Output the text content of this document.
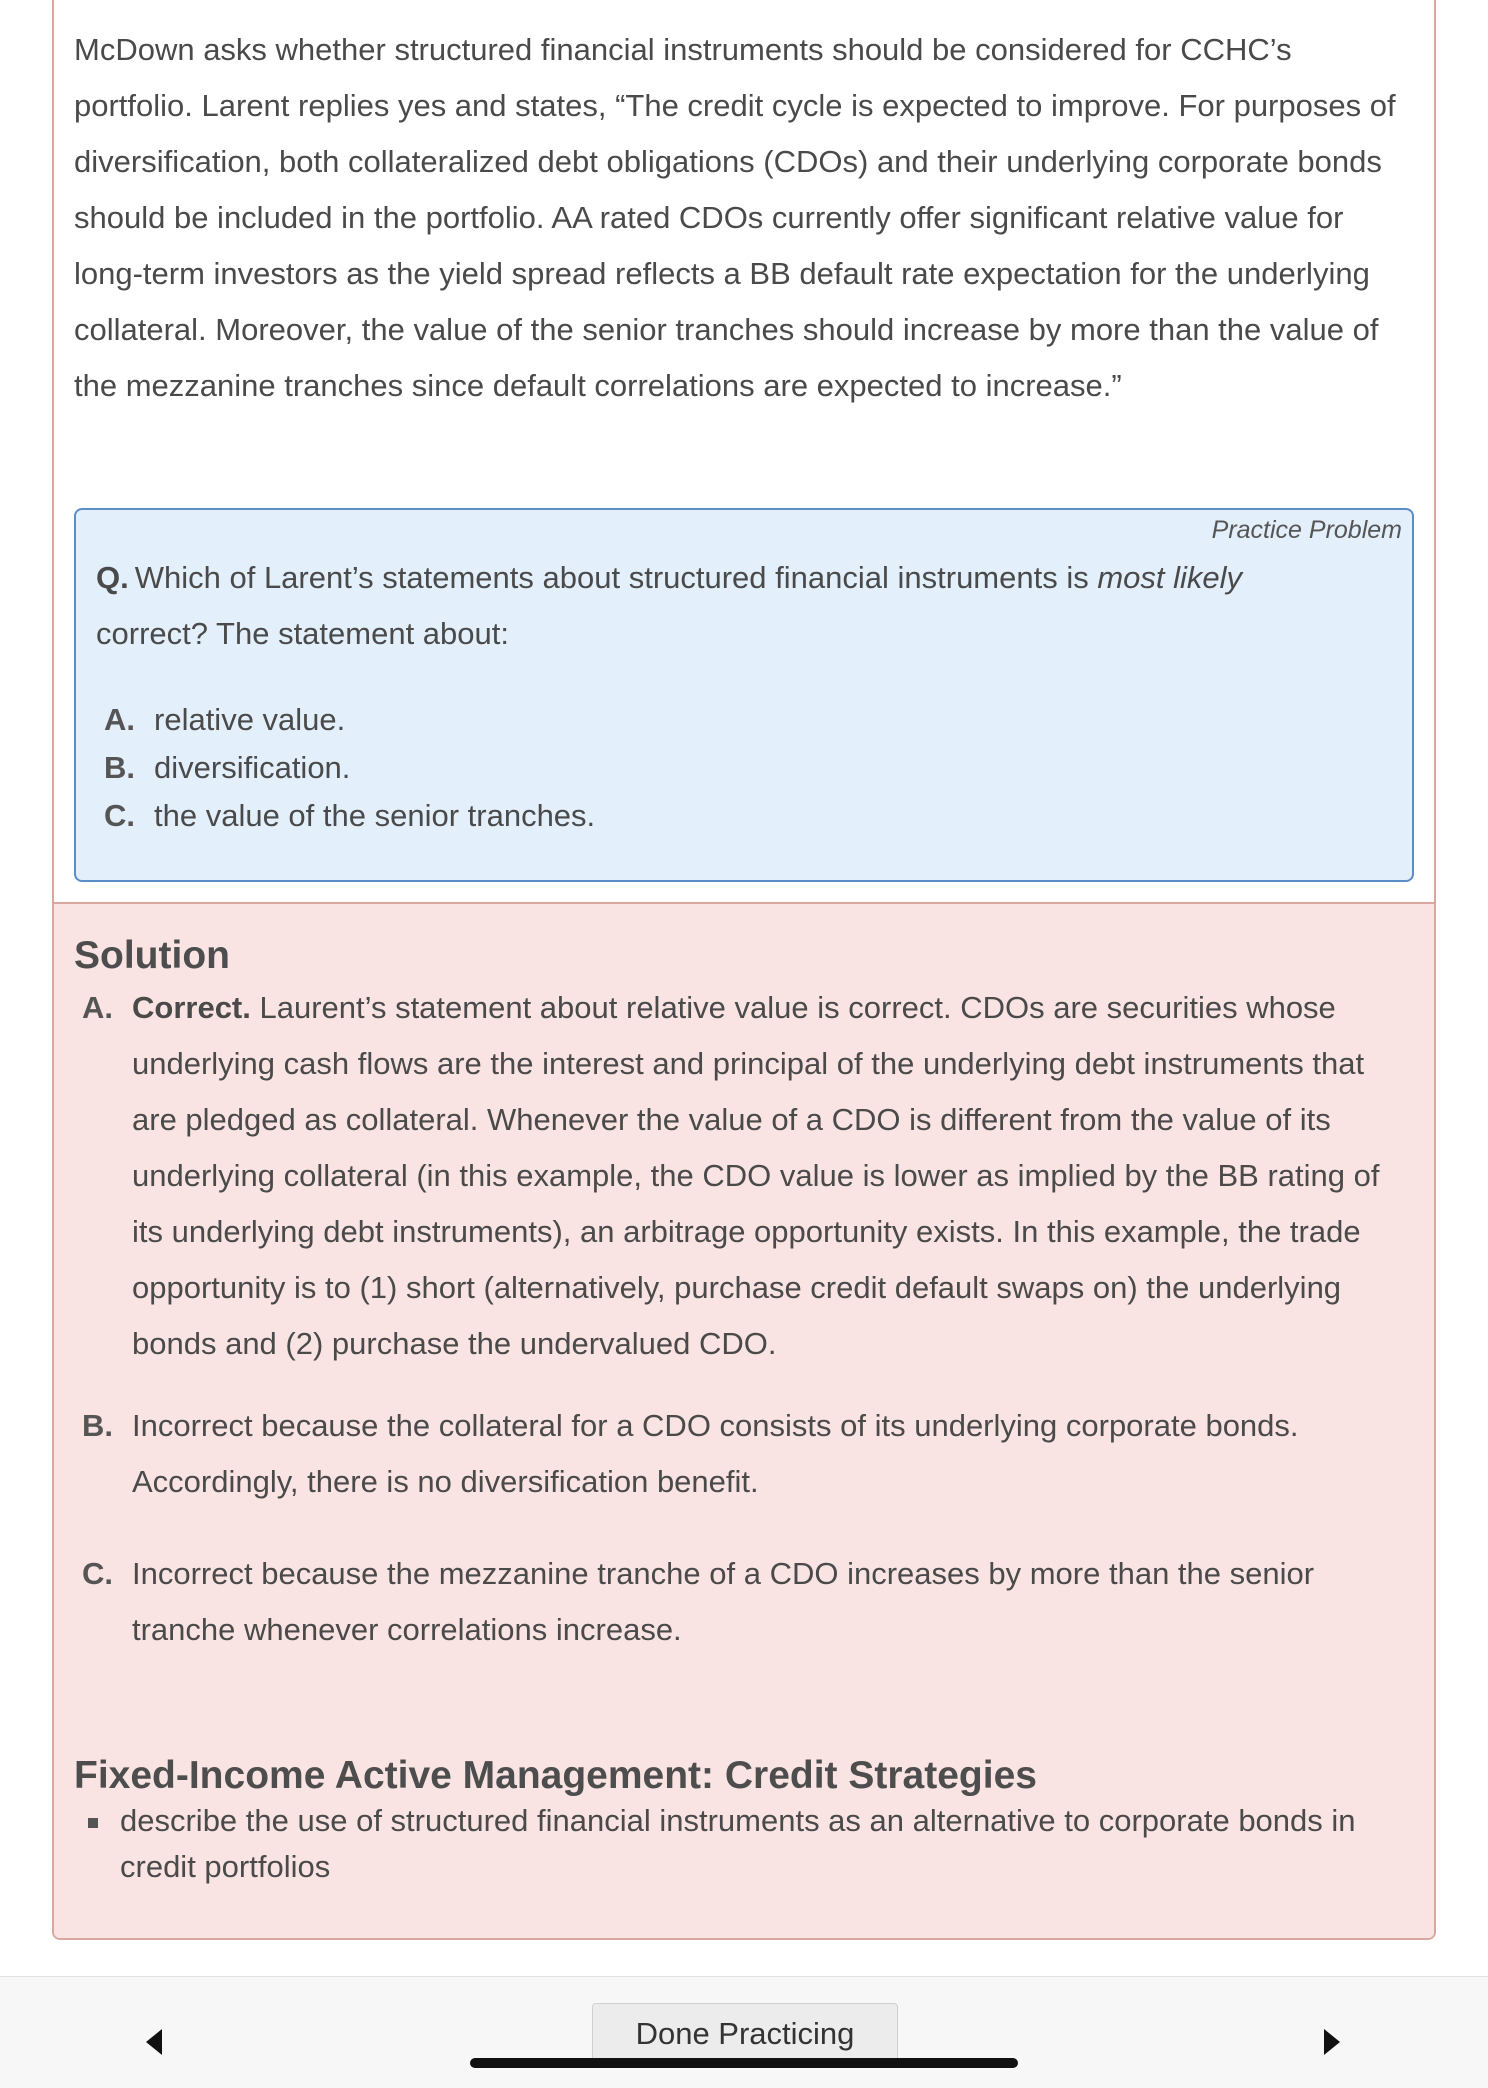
McDown asks whether structured financial instruments should be considered for CCHC’s portfolio. Larent replies yes and states, “The credit cycle is expected to improve. For purposes of diversification, both collateralized debt obligations (CDOs) and their underlying corporate bonds should be included in the portfolio. AA rated CDOs currently offer significant relative value for long-term investors as the yield spread reflects a BB default rate expectation for the underlying collateral. Moreover, the value of the senior tranches should increase by more than the value of the mezzanine tranches since default correlations are expected to increase.”

Practice Problem

Q. Which of Larent’s statements about structured financial instruments is most likely correct? The statement about:

A. relative value.
B. diversification.
C. the value of the senior tranches.
Solution
A. Correct. Laurent’s statement about relative value is correct. CDOs are securities whose underlying cash flows are the interest and principal of the underlying debt instruments that are pledged as collateral. Whenever the value of a CDO is different from the value of its underlying collateral (in this example, the CDO value is lower as implied by the BB rating of its underlying debt instruments), an arbitrage opportunity exists. In this example, the trade opportunity is to (1) short (alternatively, purchase credit default swaps on) the underlying bonds and (2) purchase the undervalued CDO.

B. Incorrect because the collateral for a CDO consists of its underlying corporate bonds. Accordingly, there is no diversification benefit.

C. Incorrect because the mezzanine tranche of a CDO increases by more than the senior tranche whenever correlations increase.

Fixed-Income Active Management: Credit Strategies
describe the use of structured financial instruments as an alternative to corporate bonds in credit portfolios
Done Practicing
